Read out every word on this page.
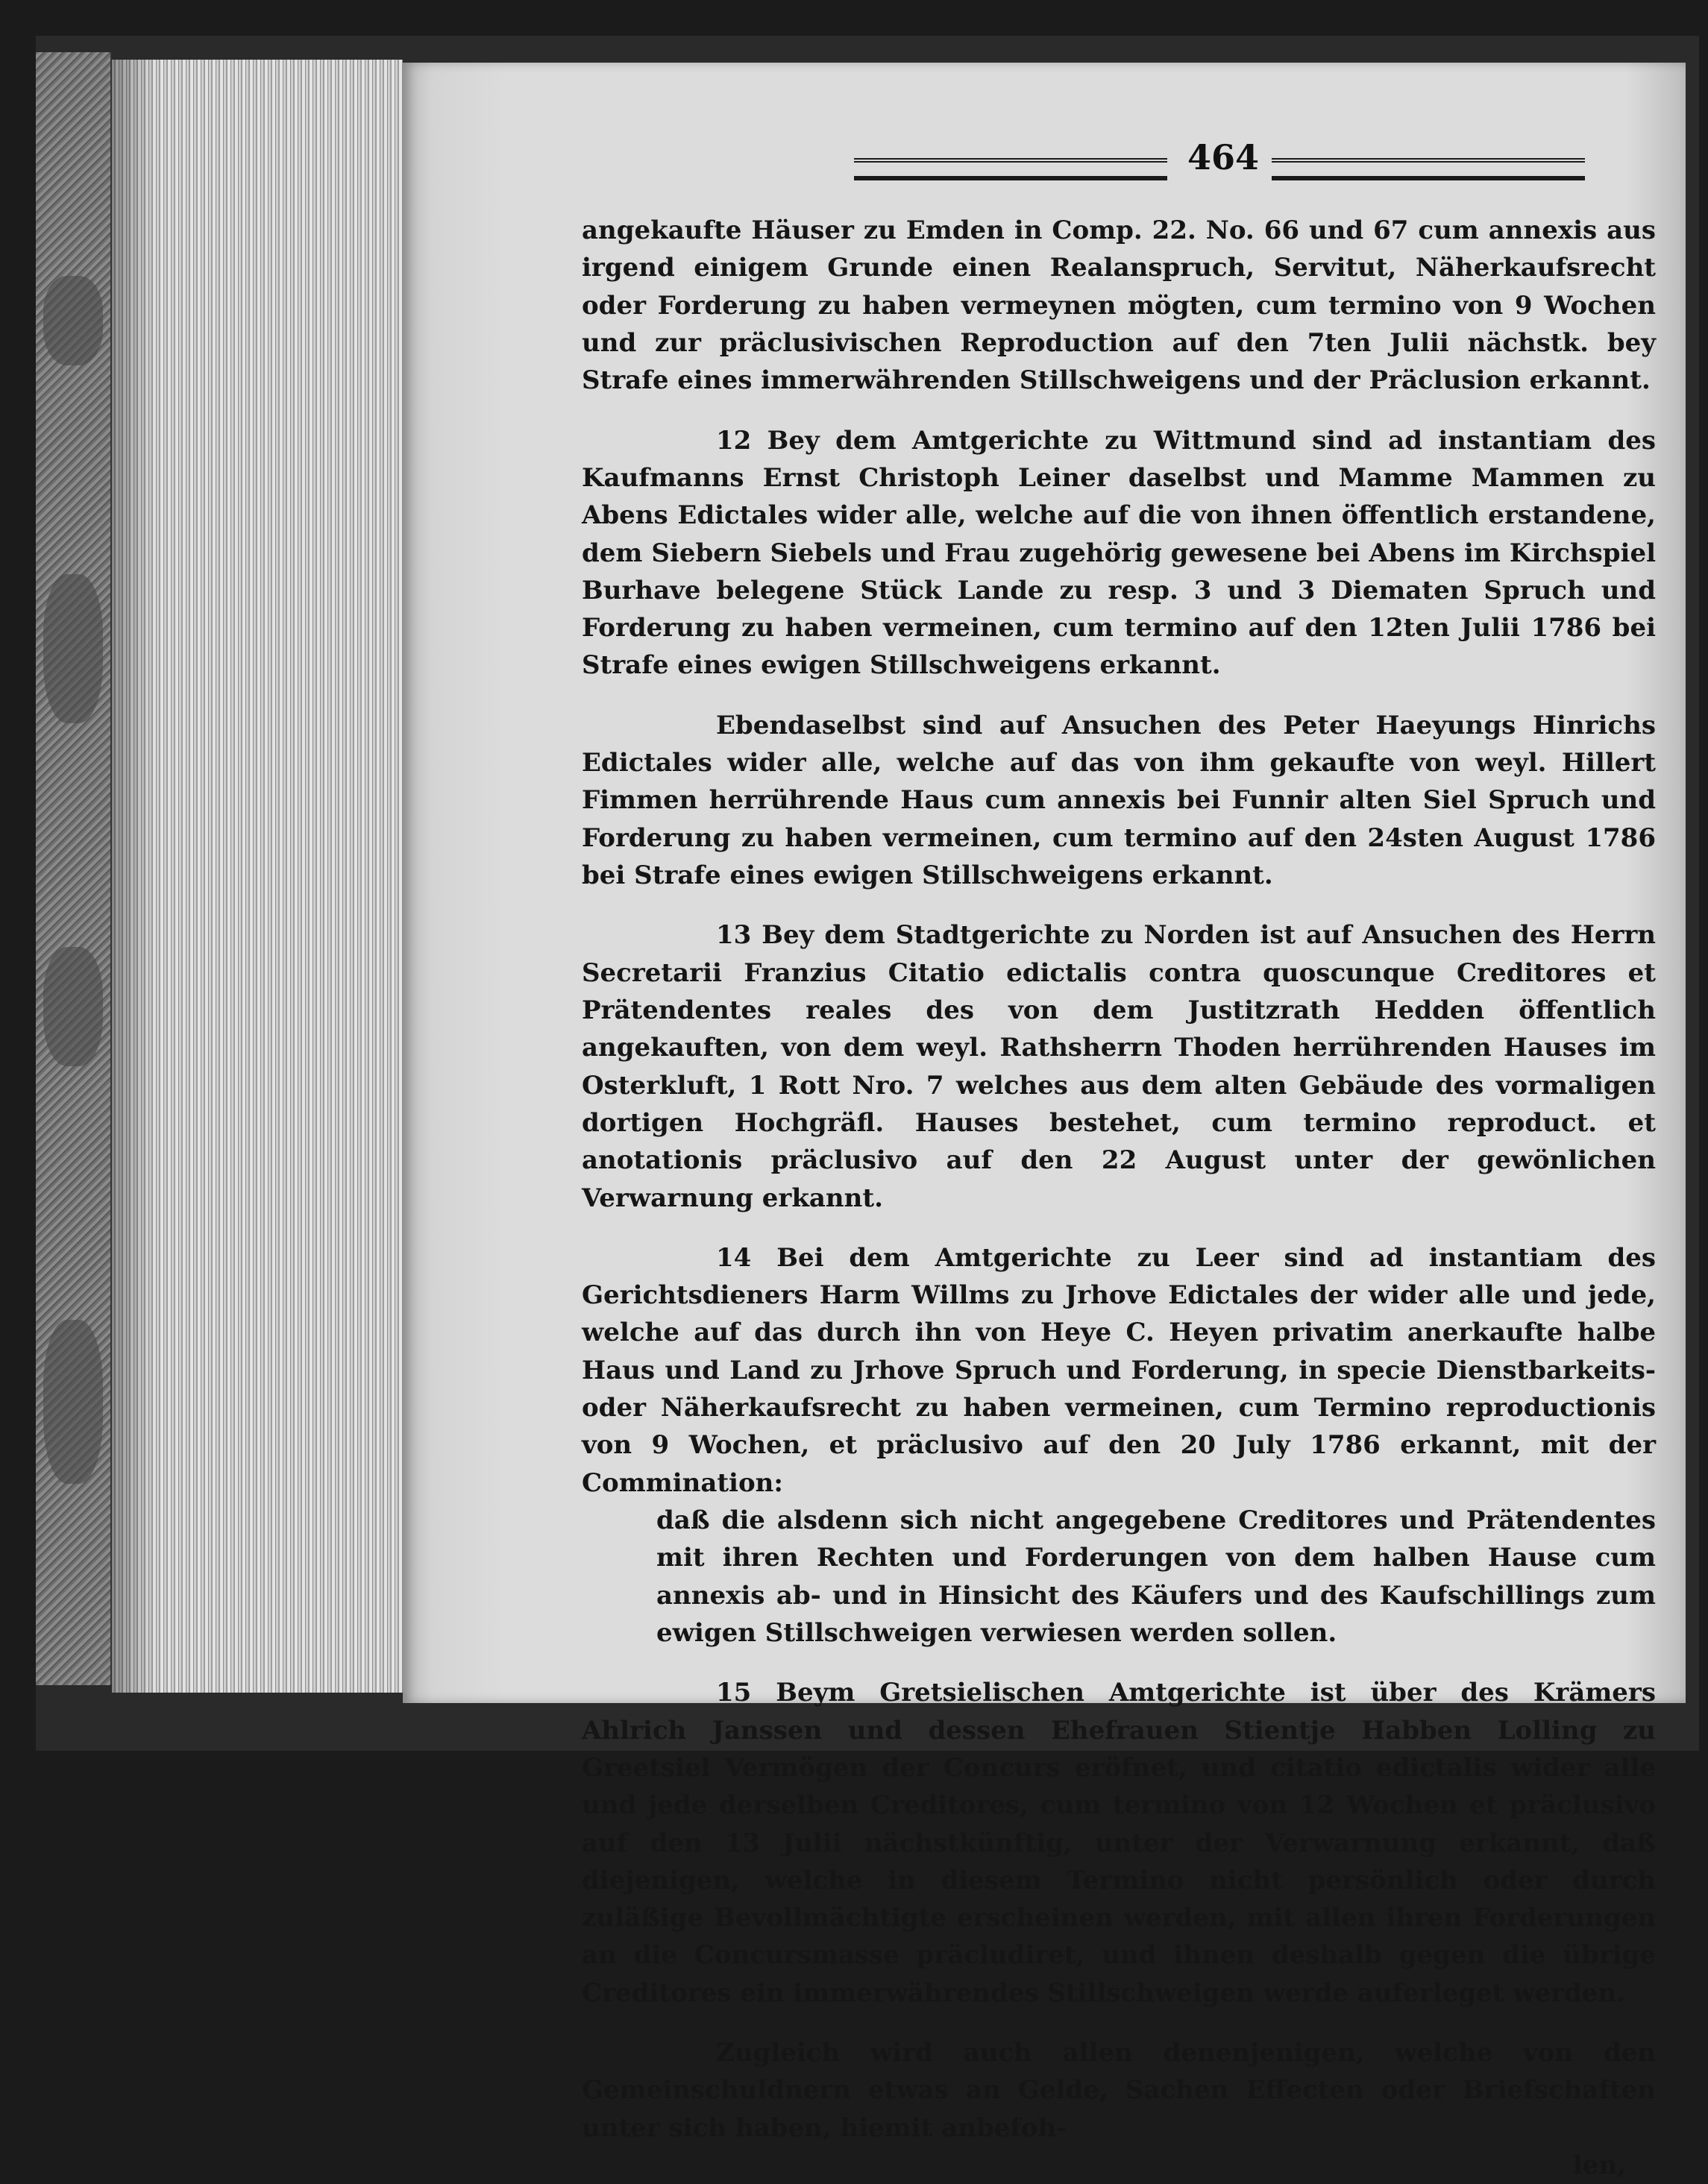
464

angekaufte Häuser zu Emden in Comp. 22. No. 66 und 67 cum annexis aus irgend einigem Grunde einen Realanspruch, Servitut, Näherkaufsrecht oder Forderung zu haben vermeynen mögten, cum termino von 9 Wochen und zur präclusivischen Reproduction auf den 7ten Julii nächstk. bey Strafe eines immerwährenden Stillschweigens und der Präclusion erkannt.

12 Bey dem Amtgerichte zu Wittmund sind ad instantiam des Kaufmanns Ernst Christoph Leiner daselbst und Mamme Mammen zu Abens Edictales wider alle, welche auf die von ihnen öffentlich erstandene, dem Siebern Siebels und Frau zugehörig gewesene bei Abens im Kirchspiel Burhave belegene Stück Lande zu resp. 3 und 3 Diematen Spruch und Forderung zu haben vermeinen, cum termino auf den 12ten Julii 1786 bei Strafe eines ewigen Stillschweigens erkannt.

Ebendaselbst sind auf Ansuchen des Peter Haeyungs Hinrichs Edictales wider alle, welche auf das von ihm gekaufte von weyl. Hillert Fimmen herrührende Haus cum annexis bei Funnir alten Siel Spruch und Forderung zu haben vermeinen, cum termino auf den 24sten August 1786 bei Strafe eines ewigen Stillschweigens erkannt.

13 Bey dem Stadtgerichte zu Norden ist auf Ansuchen des Herrn Secretarii Franzius Citatio edictalis contra quoscunque Creditores et Prätendentes reales des von dem Justitzrath Hedden öffentlich angekauften, von dem weyl. Rathsherrn Thoden herrührenden Hauses im Osterkluft, 1 Rott Nro. 7 welches aus dem alten Gebäude des vormaligen dortigen Hochgräfl. Hauses bestehet, cum termino reproduct. et anotationis präclusivo auf den 22 August unter der gewönlichen Verwarnung erkannt.

14 Bei dem Amtgerichte zu Leer sind ad instantiam des Gerichtsdieners Harm Willms zu Jrhove Edictales der wider alle und jede, welche auf das durch ihn von Heye C. Heyen privatim anerkaufte halbe Haus und Land zu Jrhove Spruch und Forderung, in specie Dienstbarkeits- oder Näherkaufsrecht zu haben vermeinen, cum Termino reproductionis von 9 Wochen, et präclusivo auf den 20 July 1786 erkannt, mit der Commination:

daß die alsdenn sich nicht angegebene Creditores und Prätendentes mit ihren Rechten und Forderungen von dem halben Hause cum annexis ab- und in Hinsicht des Käufers und des Kaufschillings zum ewigen Stillschweigen verwiesen werden sollen.

15 Beym Gretsielischen Amtgerichte ist über des Krämers Ahlrich Janssen und dessen Ehefrauen Stientje Habben Lolling zu Greetsiel Vermögen der Concurs eröfnet, und citatio edictalis wider alle und jede derselben Creditores, cum termino von 12 Wochen et präclusivo auf den 13 Julii nächstkünftig, unter der Verwarnung erkannt, daß diejenigen, welche in diesem Termino nicht persönlich oder durch zuläßige Bevollmächtigte erscheinen werden, mit allen ihren Forderungen an die Concursmasse präcludiret, und ihnen deshalb gegen die übrige Creditores ein immerwährendes Stillschweigen werde auferleget werden.

Zugleich wird auch allen denenjenigen, welche von den Gemeinschuldnern etwas an Gelde, Sachen Effecten oder Briefschaften unter sich haben, hiemit anbefoh-

len,
